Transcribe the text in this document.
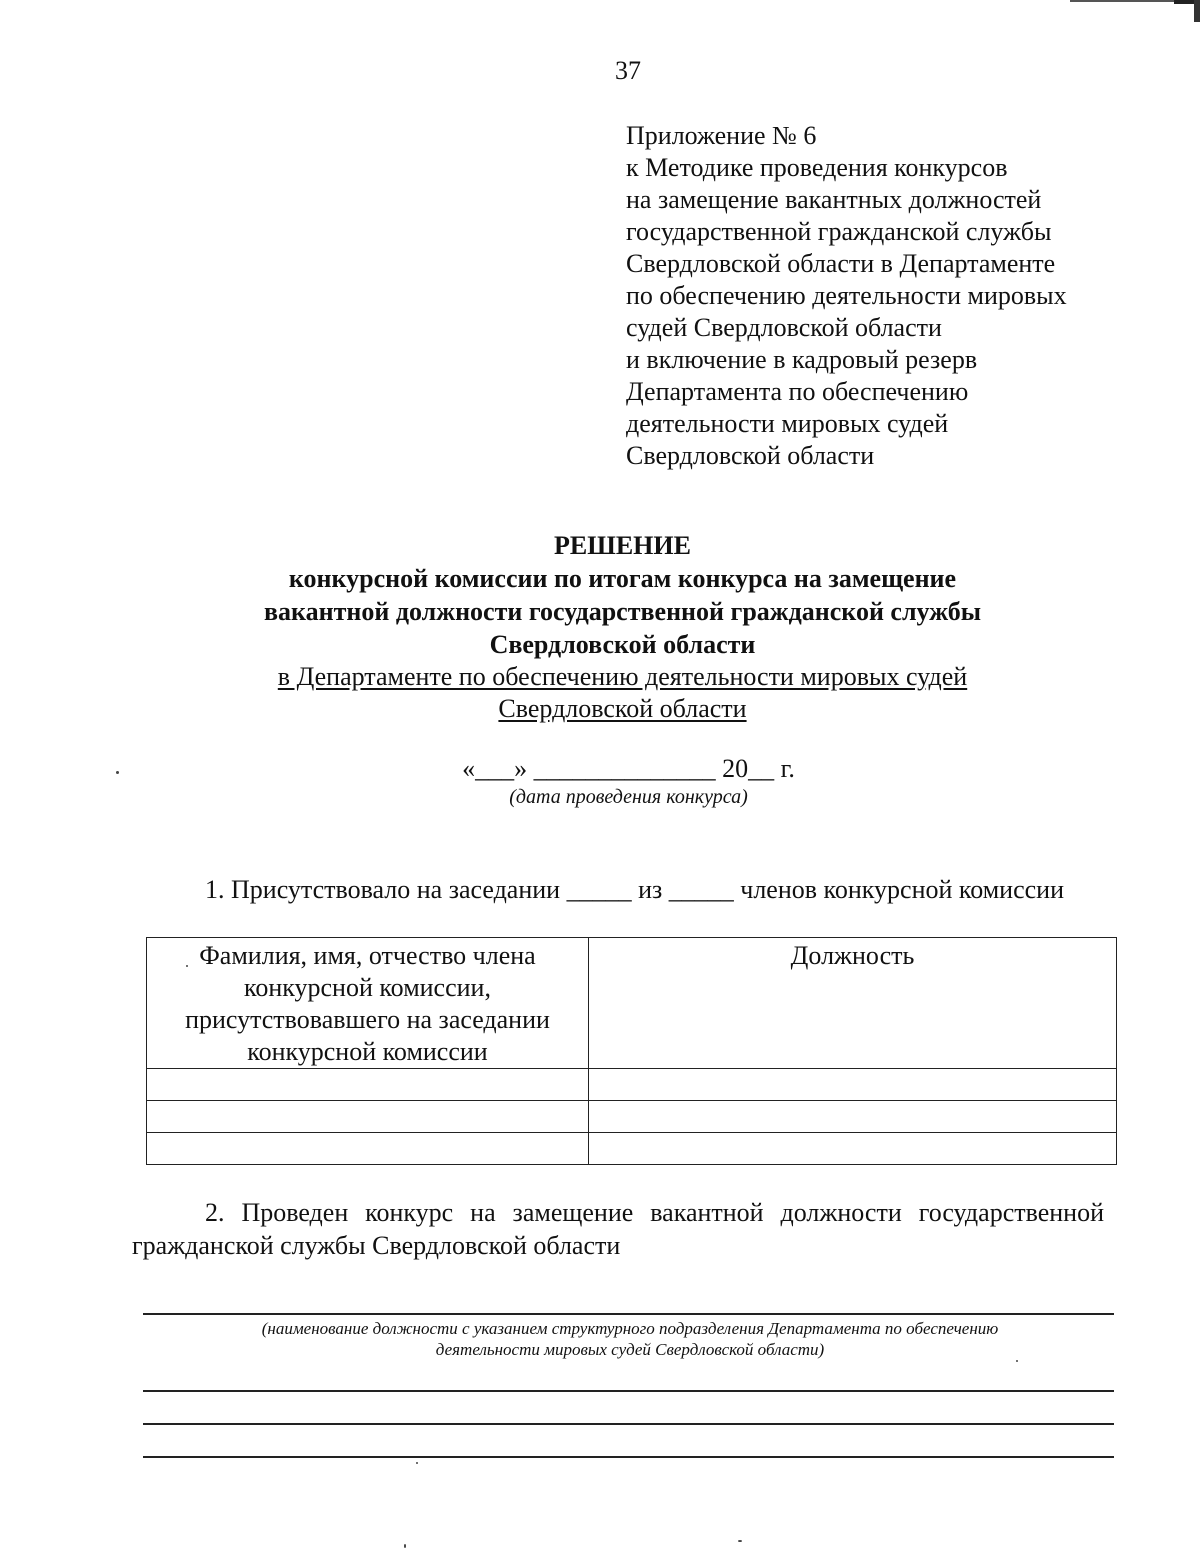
37
Приложение № 6
к Методике проведения конкурсов
на замещение вакантных должностей
государственной гражданской службы
Свердловской области в Департаменте
по обеспечению деятельности мировых
судей Свердловской области
и включение в кадровый резерв
Департамента по обеспечению
деятельности мировых судей
Свердловской области
РЕШЕНИЕ
конкурсной комиссии по итогам конкурса на замещение
вакантной должности государственной гражданской службы
Свердловской области
в Департаменте по обеспечению деятельности мировых судей
Свердловской области
«___» ______________ 20__ г.
(дата проведения конкурса)
1. Присутствовало на заседании _____ из _____ членов конкурсной комиссии
Фамилия, имя, отчество члена конкурсной комиссии, присутствовавшего на заседании конкурсной комиссии	Должность

2. Проведен конкурс на замещение вакантной должности государственной гражданской службы Свердловской области
(наименование должности с указанием структурного подразделения Департамента по обеспечению
деятельности мировых судей Свердловской области)
